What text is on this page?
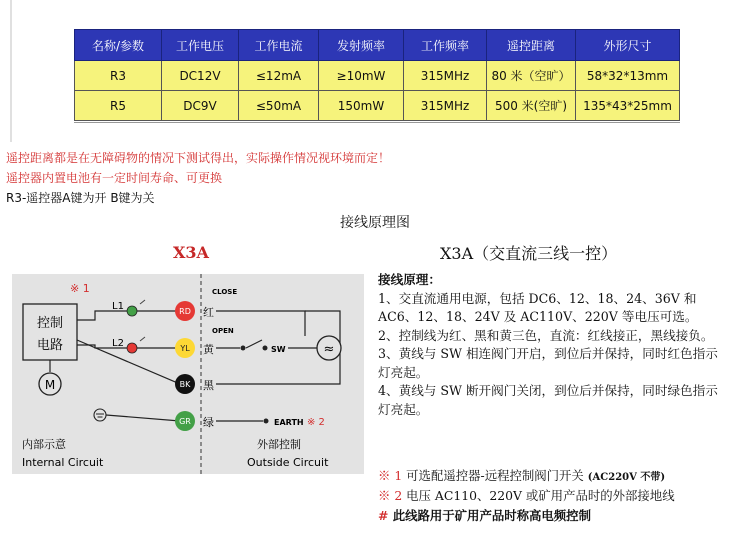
名称/参数	工作电压	工作电流	发射频率	工作频率	遥控距离	外形尺寸
R3	DC12V	≤12mA	≥10mW	315MHz	80 米（空旷）	58*32*13mm
R5	DC9V	≤50mA	150mW	315MHz	500 米(空旷)	135*43*25mm
遥控距离都是在无障碍物的情况下测试得出，实际操作情况视环境而定！
遥控器内置电池有一定时间寿命、可更换
R3-遥控器A键为开 B键为关
接线原理图
X3A	X3A（交直流三线一控）
控制
电路
※ 1
M
L1
L2
RD
YL
BK
GR
红
黄
黑
绿
CLOSE
OPEN
SW	≈
EARTH ※ 2
内部示意
Internal Circuit
外部控制
Outside Circuit
接线原理：
1、交直流通用电源，包括 DC6、12、18、24、36V 和 AC6、12、18、24V 及 AC110V、220V 等电压可选。
2、控制线为红、黑和黄三色，直流：红线接正，黑线接负。
3、黄线与 SW 相连阀门开启，到位后并保持，同时红色指示灯亮起。
4、黄线与 SW 断开阀门关闭，到位后并保持，同时绿色指示灯亮起。
※ 1 可选配遥控器-远程控制阀门开关 (AC220V 不带)
※ 2 电压 AC110、220V 或矿用产品时的外部接地线
# 此线路用于矿用产品时称高电频控制
